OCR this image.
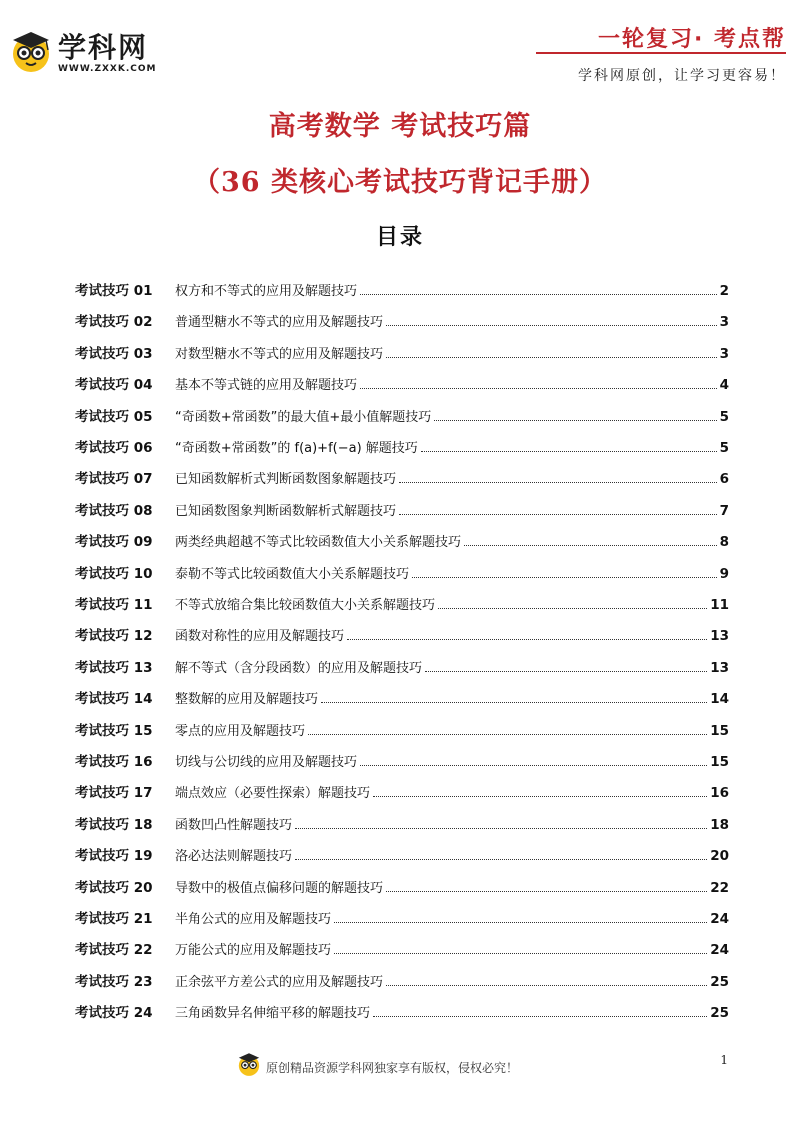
学科网
WWW.ZXXK.COM
一轮复习· 考点帮
学科网原创，让学习更容易！
高考数学 考试技巧篇
（36 类核心考试技巧背记手册）
目录
考试技巧 01	权方和不等式的应用及解题技巧	2
考试技巧 02	普通型糖水不等式的应用及解题技巧	3
考试技巧 03	对数型糖水不等式的应用及解题技巧	3
考试技巧 04	基本不等式链的应用及解题技巧	4
考试技巧 05	“奇函数+常函数”的最大值+最小值解题技巧	5
考试技巧 06	“奇函数+常函数”的 f(a)+f(−a) 解题技巧	5
考试技巧 07	已知函数解析式判断函数图象解题技巧	6
考试技巧 08	已知函数图象判断函数解析式解题技巧	7
考试技巧 09	两类经典超越不等式比较函数值大小关系解题技巧	8
考试技巧 10	泰勒不等式比较函数值大小关系解题技巧	9
考试技巧 11	不等式放缩合集比较函数值大小关系解题技巧	11
考试技巧 12	函数对称性的应用及解题技巧	13
考试技巧 13	解不等式（含分段函数）的应用及解题技巧	13
考试技巧 14	整数解的应用及解题技巧	14
考试技巧 15	零点的应用及解题技巧	15
考试技巧 16	切线与公切线的应用及解题技巧	15
考试技巧 17	端点效应（必要性探索）解题技巧	16
考试技巧 18	函数凹凸性解题技巧	18
考试技巧 19	洛必达法则解题技巧	20
考试技巧 20	导数中的极值点偏移问题的解题技巧	22
考试技巧 21	半角公式的应用及解题技巧	24
考试技巧 22	万能公式的应用及解题技巧	24
考试技巧 23	正余弦平方差公式的应用及解题技巧	25
考试技巧 24	三角函数异名伸缩平移的解题技巧	25
原创精品资源学科网独家享有版权，侵权必究！
1
